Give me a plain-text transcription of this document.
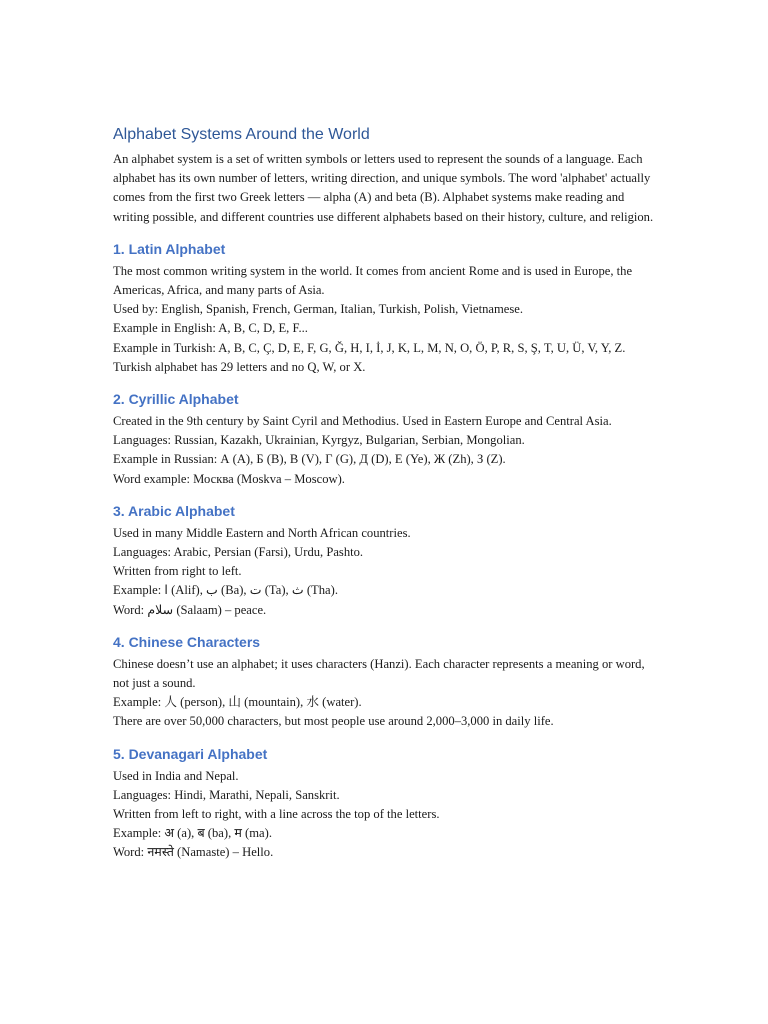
Alphabet Systems Around the World

An alphabet system is a set of written symbols or letters used to represent the sounds of a language. Each alphabet has its own number of letters, writing direction, and unique symbols. The word 'alphabet' actually comes from the first two Greek letters — alpha (Α) and beta (Β). Alphabet systems make reading and writing possible, and different countries use different alphabets based on their history, culture, and religion.

1. Latin Alphabet

The most common writing system in the world. It comes from ancient Rome and is used in Europe, the Americas, Africa, and many parts of Asia.

Used by: English, Spanish, French, German, Italian, Turkish, Polish, Vietnamese.

Example in English: A, B, C, D, E, F...

Example in Turkish: A, B, C, Ç, D, E, F, G, Ğ, H, I, İ, J, K, L, M, N, O, Ö, P, R, S, Ş, T, U, Ü, V, Y, Z.

Turkish alphabet has 29 letters and no Q, W, or X.

2. Cyrillic Alphabet

Created in the 9th century by Saint Cyril and Methodius. Used in Eastern Europe and Central Asia.

Languages: Russian, Kazakh, Ukrainian, Kyrgyz, Bulgarian, Serbian, Mongolian.

Example in Russian: А (A), Б (B), В (V), Г (G), Д (D), Е (Ye), Ж (Zh), З (Z).

Word example: Москва (Moskva – Moscow).

3. Arabic Alphabet

Used in many Middle Eastern and North African countries.

Languages: Arabic, Persian (Farsi), Urdu, Pashto.

Written from right to left.

Example: ا (Alif), ب (Ba), ت (Ta), ث (Tha).

Word: سلام (Salaam) – peace.

4. Chinese Characters

Chinese doesn’t use an alphabet; it uses characters (Hanzi). Each character represents a meaning or word, not just a sound.

Example: 人 (person), 山 (mountain), 水 (water).

There are over 50,000 characters, but most people use around 2,000–3,000 in daily life.

5. Devanagari Alphabet

Used in India and Nepal.

Languages: Hindi, Marathi, Nepali, Sanskrit.

Written from left to right, with a line across the top of the letters.

Example: अ (a), ब (ba), म (ma).

Word: नमस्ते (Namaste) – Hello.
